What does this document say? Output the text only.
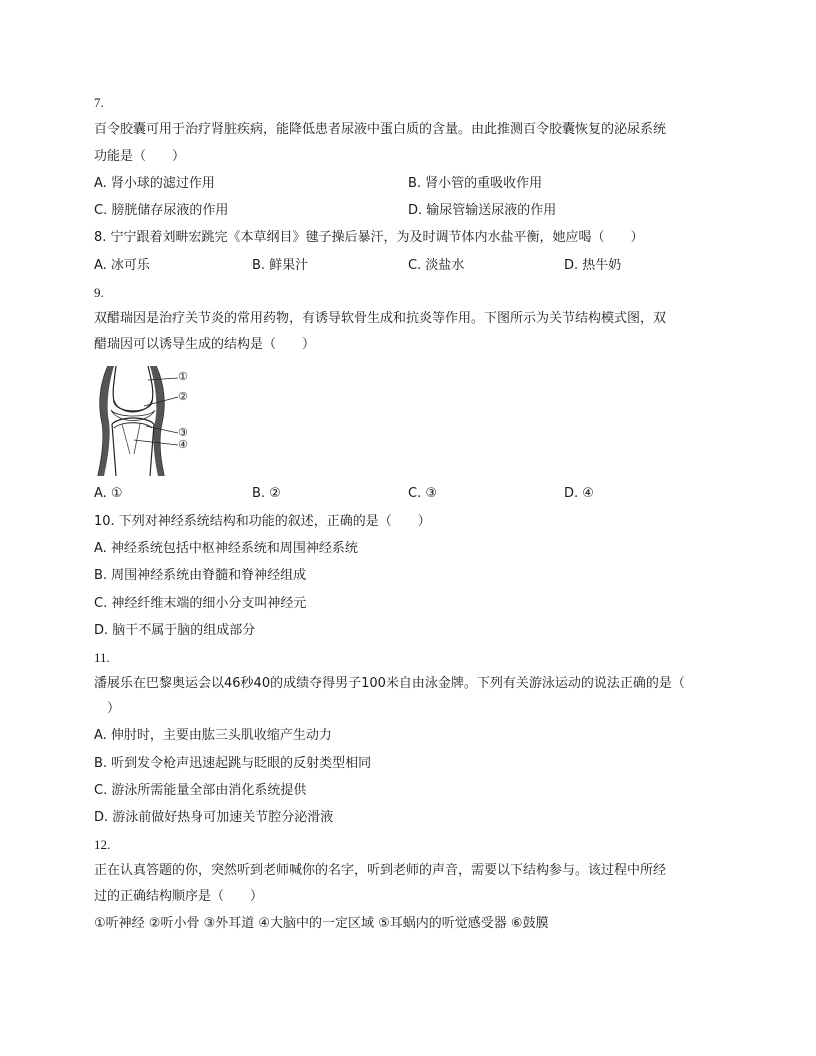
7.
百令胶囊可用于治疗肾脏疾病，能降低患者尿液中蛋白质的含量。由此推测百令胶囊恢复的泌尿系统
功能是（　　）
A. 肾小球的滤过作用	B. 肾小管的重吸收作用
C. 膀胱储存尿液的作用	D. 输尿管输送尿液的作用
8. 宁宁跟着刘畊宏跳完《本草纲目》毽子操后暴汗，为及时调节体内水盐平衡，她应喝（　　）
A. 冰可乐	B. 鲜果汁	C. 淡盐水	D. 热牛奶
9.
双醋瑞因是治疗关节炎的常用药物，有诱导软骨生成和抗炎等作用。下图所示为关节结构模式图，双
醋瑞因可以诱导生成的结构是（　　）
①
②
③
④
A. ①	B. ②	C. ③	D. ④
10. 下列对神经系统结构和功能的叙述，正确的是（　　）
A. 神经系统包括中枢神经系统和周围神经系统
B. 周围神经系统由脊髓和脊神经组成
C. 神经纤维末端的细小分支叫神经元
D. 脑干不属于脑的组成部分
11.
潘展乐在巴黎奥运会以46秒40的成绩夺得男子100米自由泳金牌。下列有关游泳运动的说法正确的是（
　）
A. 伸肘时，主要由肱三头肌收缩产生动力
B. 听到发令枪声迅速起跳与眨眼的反射类型相同
C. 游泳所需能量全部由消化系统提供
D. 游泳前做好热身可加速关节腔分泌滑液
12.
正在认真答题的你，突然听到老师喊你的名字，听到老师的声音，需要以下结构参与。该过程中所经
过的正确结构顺序是（　　）
①听神经 ②听小骨 ③外耳道 ④大脑中的一定区域 ⑤耳蜗内的听觉感受器 ⑥鼓膜
